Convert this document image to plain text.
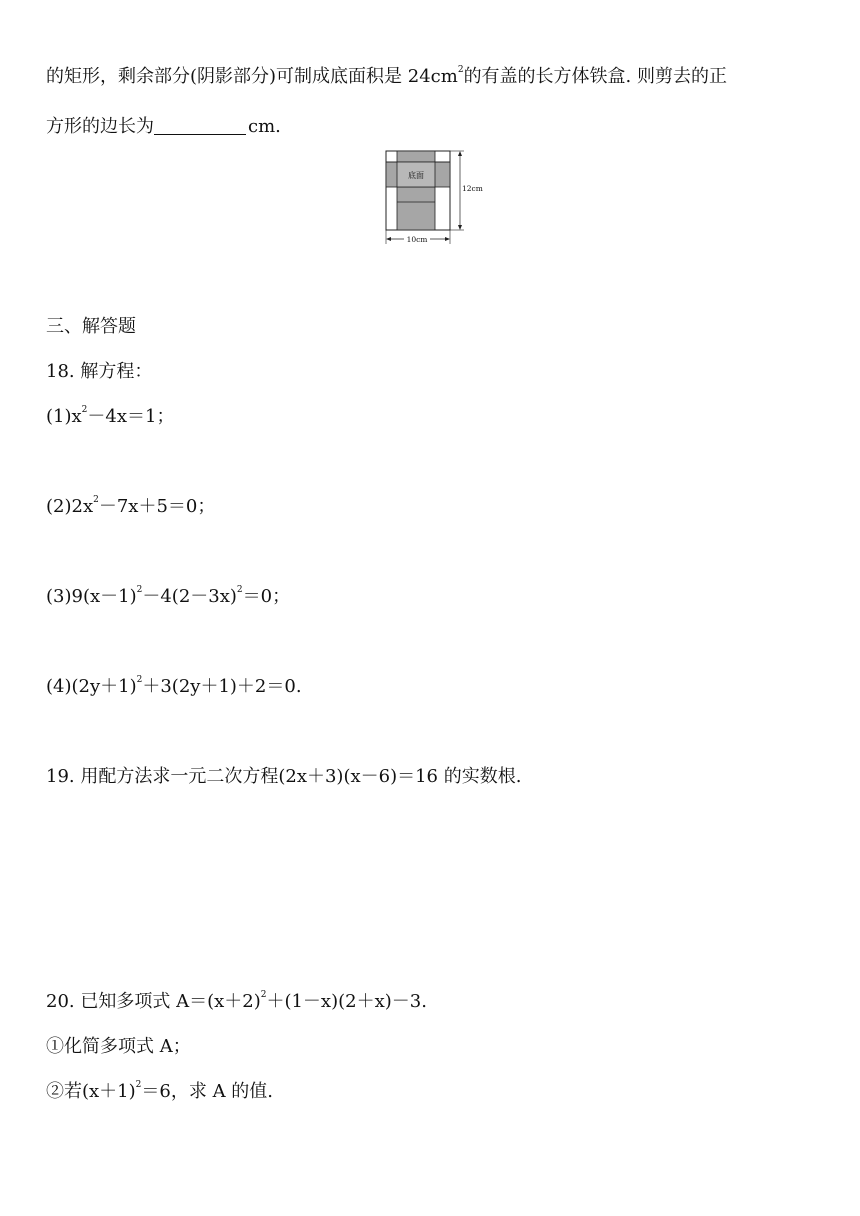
的矩形，剩余部分(阴影部分)可制成底面积是 $24cm^2$的有盖的长方体铁盒. 则剪去的正
方形的边长为	cm.
底面
12cm
10cm
三、解答题
18. 解方程：
$(1)x^2-4x=1$；
$(2)2x^2-7x+5=0$；
$(3)9(x-1)^2-4(2-3x)^2=0$；
$(4)(2y+1)^2+3(2y+1)+2=0$.
19. 用配方法求一元二次方程(2x＋3)(x－6)＝16 的实数根.
20. 已知多项式 $A=(x+2)^2+(1-x)(2+x)-3$.
①化简多项式 A；
②若$(x+1)^2=6$，求 A 的值.
